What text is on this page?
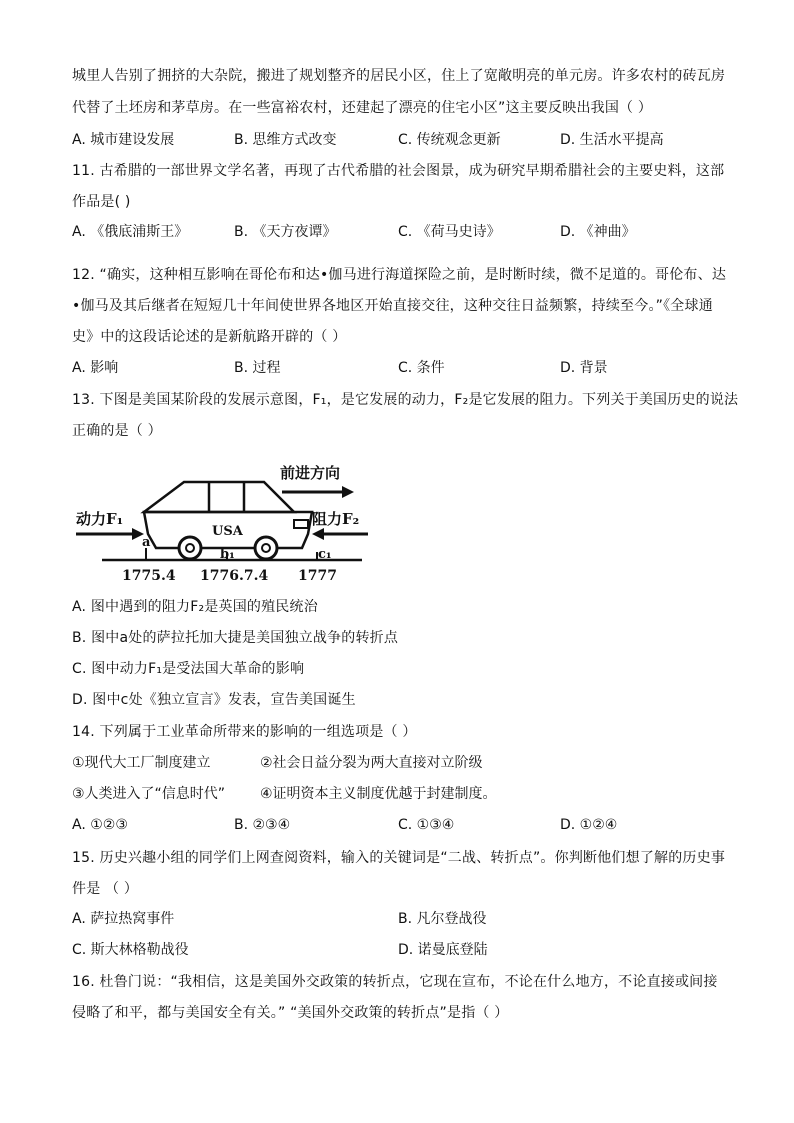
城里人告别了拥挤的大杂院，搬进了规划整齐的居民小区，住上了宽敞明亮的单元房。许多农村的砖瓦房
代替了土坯房和茅草房。在一些富裕农村，还建起了漂亮的住宅小区”这主要反映出我国（ ）
A. 城市建设发展	B. 思维方式改变	C. 传统观念更新	D. 生活水平提高
11. 古希腊的一部世界文学名著，再现了古代希腊的社会图景，成为研究早期希腊社会的主要史料，这部
作品是( )
A. 《俄底浦斯王》	B. 《天方夜谭》	C. 《荷马史诗》	D. 《神曲》
12. “确实，这种相互影响在哥伦布和达•伽马进行海道探险之前，是时断时续，微不足道的。哥伦布、达
•伽马及其后继者在短短几十年间使世界各地区开始直接交往，这种交往日益频繁，持续至今。”《全球通
史》中的这段话论述的是新航路开辟的（ ）
A. 影响	B. 过程	C. 条件	D. 背景
13. 下图是美国某阶段的发展示意图，F₁，是它发展的动力，F₂是它发展的阻力。下列关于美国历史的说法
正确的是（ ）
前进方向
USA
动力F₁	阻力F₂
a
b₁	c₁
1775.4 1776.7.4 1777
A. 图中遇到的阻力F₂是英国的殖民统治
B. 图中a处的萨拉托加大捷是美国独立战争的转折点
C. 图中动力F₁是受法国大革命的影响
D. 图中c处《独立宣言》发表，宣告美国诞生
14. 下列属于工业革命所带来的影响的一组选项是（ ）
①现代大工厂制度建立	②社会日益分裂为两大直接对立阶级
③人类进入了“信息时代” ④证明资本主义制度优越于封建制度。
A. ①②③	B. ②③④	C. ①③④	D. ①②④
15. 历史兴趣小组的同学们上网查阅资料，输入的关键词是“二战、转折点”。你判断他们想了解的历史事
件是 （ ）
A. 萨拉热窝事件	B. 凡尔登战役
C. 斯大林格勒战役	D. 诺曼底登陆
16. 杜鲁门说：“我相信，这是美国外交政策的转折点，它现在宣布，不论在什么地方，不论直接或间接
侵略了和平，都与美国安全有关。” “美国外交政策的转折点”是指（ ）
